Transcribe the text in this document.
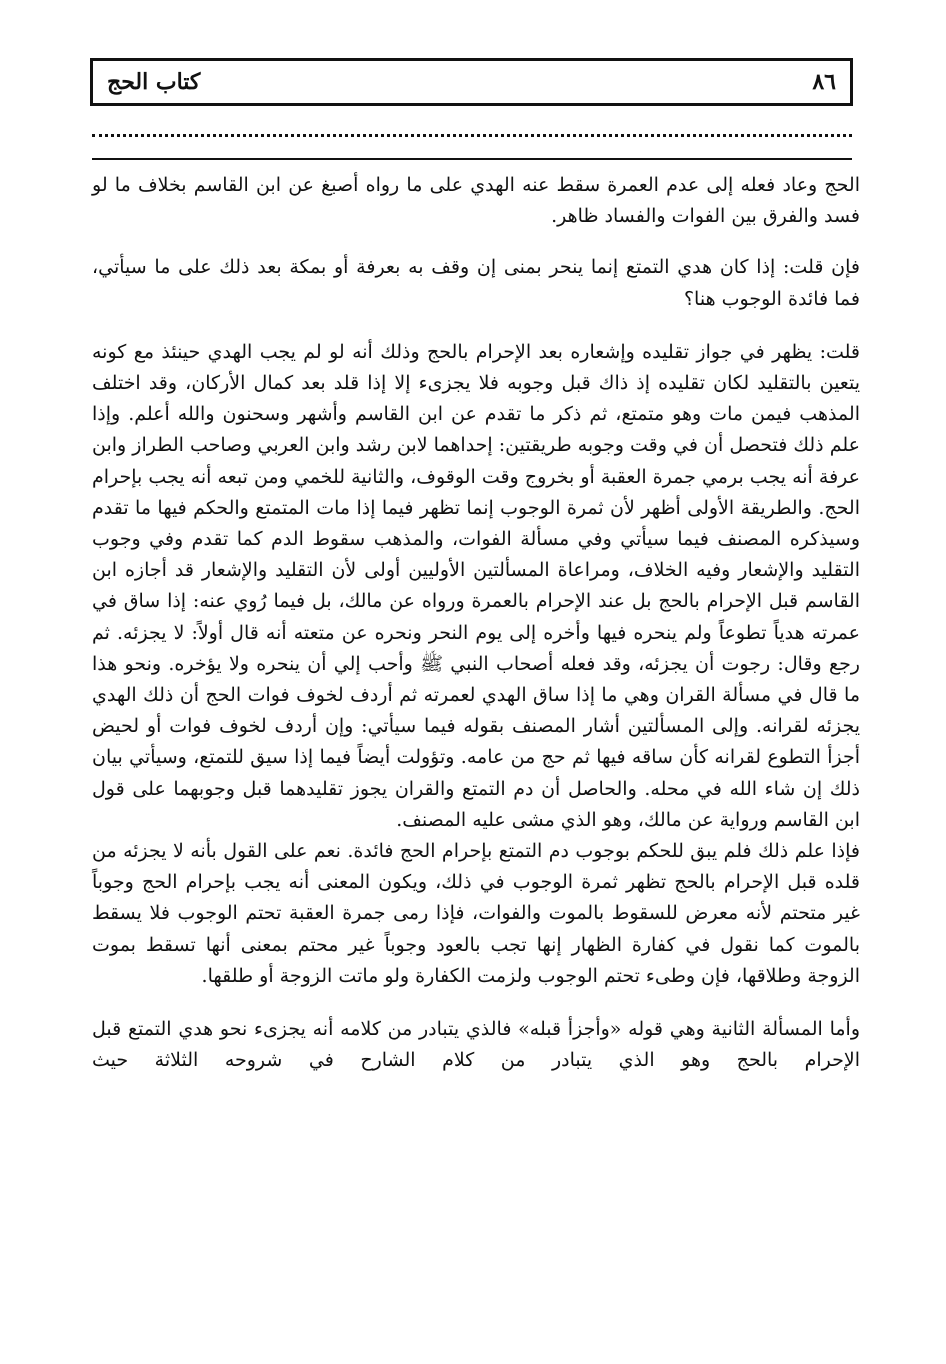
٨٦
كتاب الحج

الحج وعاد فعله إلى عدم العمرة سقط عنه الهدي على ما رواه أصبغ عن ابن القاسم بخلاف ما لو فسد والفرق بين الفوات والفساد ظاهر.

فإن قلت: إذا كان هدي التمتع إنما ينحر بمنى إن وقف به بعرفة أو بمكة بعد ذلك على ما سيأتي، فما فائدة الوجوب هنا؟

قلت: يظهر في جواز تقليده وإشعاره بعد الإحرام بالحج وذلك أنه لو لم يجب الهدي حينئذ مع كونه يتعين بالتقليد لكان تقليده إذ ذاك قبل وجوبه فلا يجزىء إلا إذا قلد بعد كمال الأركان، وقد اختلف المذهب فيمن مات وهو متمتع، ثم ذكر ما تقدم عن ابن القاسم وأشهر وسحنون والله أعلم. وإذا علم ذلك فتحصل أن في وقت وجوبه طريقتين: إحداهما لابن رشد وابن العربي وصاحب الطراز وابن عرفة أنه يجب برمي جمرة العقبة أو بخروج وقت الوقوف، والثانية للخمي ومن تبعه أنه يجب بإحرام الحج. والطريقة الأولى أظهر لأن ثمرة الوجوب إنما تظهر فيما إذا مات المتمتع والحكم فيها ما تقدم وسيذكره المصنف فيما سيأتي وفي مسألة الفوات، والمذهب سقوط الدم كما تقدم وفي وجوب التقليد والإشعار وفيه الخلاف، ومراعاة المسألتين الأوليين أولى لأن التقليد والإشعار قد أجازه ابن القاسم قبل الإحرام بالحج بل عند الإحرام بالعمرة ورواه عن مالك، بل فيما رُوي عنه: إذا ساق في عمرته هدياً تطوعاً ولم ينحره فيها وأخره إلى يوم النحر ونحره عن متعته أنه قال أولاً: لا يجزئه. ثم رجع وقال: رجوت أن يجزئه، وقد فعله أصحاب النبي ﷺ وأحب إلي أن ينحره ولا يؤخره. ونحو هذا ما قال في مسألة القران وهي ما إذا ساق الهدي لعمرته ثم أردف لخوف فوات الحج أن ذلك الهدي يجزئه لقرانه. وإلى المسألتين أشار المصنف بقوله فيما سيأتي: وإن أردف لخوف فوات أو لحيض أجزأ التطوع لقرانه كأن ساقه فيها ثم حج من عامه. وتؤولت أيضاً فيما إذا سيق للتمتع، وسيأتي بيان ذلك إن شاء الله في محله. والحاصل أن دم التمتع والقران يجوز تقليدهما قبل وجوبهما على قول ابن القاسم ورواية عن مالك، وهو الذي مشى عليه المصنف.

فإذا علم ذلك فلم يبق للحكم بوجوب دم التمتع بإحرام الحج فائدة. نعم على القول بأنه لا يجزئه من قلده قبل الإحرام بالحج تظهر ثمرة الوجوب في ذلك، ويكون المعنى أنه يجب بإحرام الحج وجوباً غير متحتم لأنه معرض للسقوط بالموت والفوات، فإذا رمى جمرة العقبة تحتم الوجوب فلا يسقط بالموت كما نقول في كفارة الظهار إنها تجب بالعود وجوباً غير محتم بمعنى أنها تسقط بموت الزوجة وطلاقها، فإن وطىء تحتم الوجوب ولزمت الكفارة ولو ماتت الزوجة أو طلقها.

وأما المسألة الثانية وهي قوله «وأجزأ قبله» فالذي يتبادر من كلامه أنه يجزىء نحو هدي التمتع قبل الإحرام بالحج وهو الذي يتبادر من كلام الشارح في شروحه الثلاثة حيث
